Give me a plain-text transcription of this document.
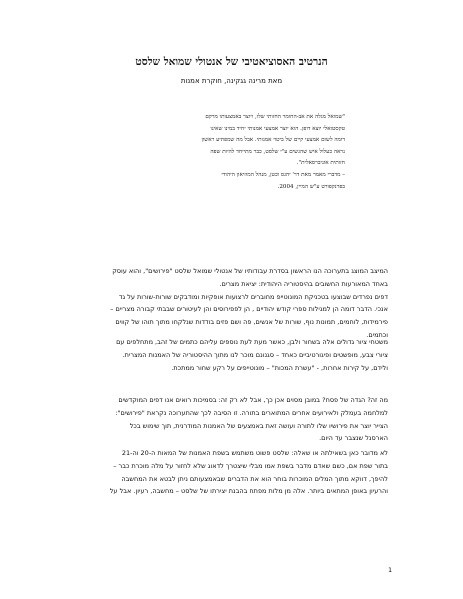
הנרטיב האסוציאטיבי של אנטולי שמואל שלסט
מאת מרינה גגקינה, חוקרת אמנות
"שמואל מגלה את אב-החומר החזותי שלו, ויוצר באמצעותו מרקם
טקסטואלי יוצא דופן. הוא יוצר אמצעי אמנותי יחיד במינו שאינו
דומה לשום אמצעי קיים של ביטוי אמנותי. אבל מה שמפתיע ראשון
נראה כעלול איש שהגשים ע"י שלסט, כבר מתייחד להיות שפה
חזותית אוניברסאלית".
– מדברי מאמר מאת דר' יהגס וכטן, מנהל המוזיאון היהודי
בפרנקפורט ע"ש המיין, 2004.
המיצב המוצג בתערוכה הנו הראשון בסדרת עבודותיו של אנטולי שמואל שלסט "פירושים", והוא עוסק
באחד המאורעות החשובים בהיסטוריה היהודית: יציאת מצרים.
דפים נפרדים שבוצעו בטכניקת המונוטייפ מחוברים לרצועות אופקיות ומודבקים שורות-שורות על גד
אנכי. הדבר דומה הן למגילות ספרי קודש יהודיים , הן לפפירוסים והן לעיטורים שבבתי קבורה מצריים –
פירמידות, לוחמים, תמונות נוף, שורות של אנשים, פה ושם פזים בודדות שנלקחו מתוך תוהו של קווים
וכתמים.
משטחי ציור גדולים אלה בשחור ולבן, כאשר מעת לעת נוספים עליהם כתמים של זהב, מתחלפים עם
ציורי צבע, מופשטים ופיגורטיביים כאחד – סגנונם מוכר לנו מתוך ההיסטוריה של האמנות המצרית.
ולידם, על קירות אחרות, - "עשרת המכות" – מונוטייפים על רקע שחור ממתכת.
מה זה? הגדה של פסח? במובן מסוים אכן כך, אבל לא רק זה: בסמיכות רואים אנו דפים המוקדשים
למלחמה בעמלק ולאירועים אחרים המתוארים בתורה. זו הסיבה לכך שהתערוכה נקראת "פירושים":
הצייר יוצר את פירושיו שלו לתורה ועושה זאת באמצעים של האמנות המודרנית, תוך שימוש בכל
הארסנל שנצבר עד היום.
לא מדובר כאן בשאילתה או שאלה: שלסט פשוט משתמש בשפת האמנות של המאות ה-20 וה-21
בתור שפת אם, כשם שאדם מדבר בשפת אמו מבלי שיצטרך לדאוג שלא לחזור על מלה מוכרת כבר –
להיפך, דווקא מתוך המלים המוכרות בוחר הוא את הדברים שבאמצעותם ניתן לבטא את המחשבה
והרעיון באופן המתאים ביותר. אלה מן מלות מפתח בהבנת יצירתו של שלסט – מחשבה, רעיון. אבל על
1
